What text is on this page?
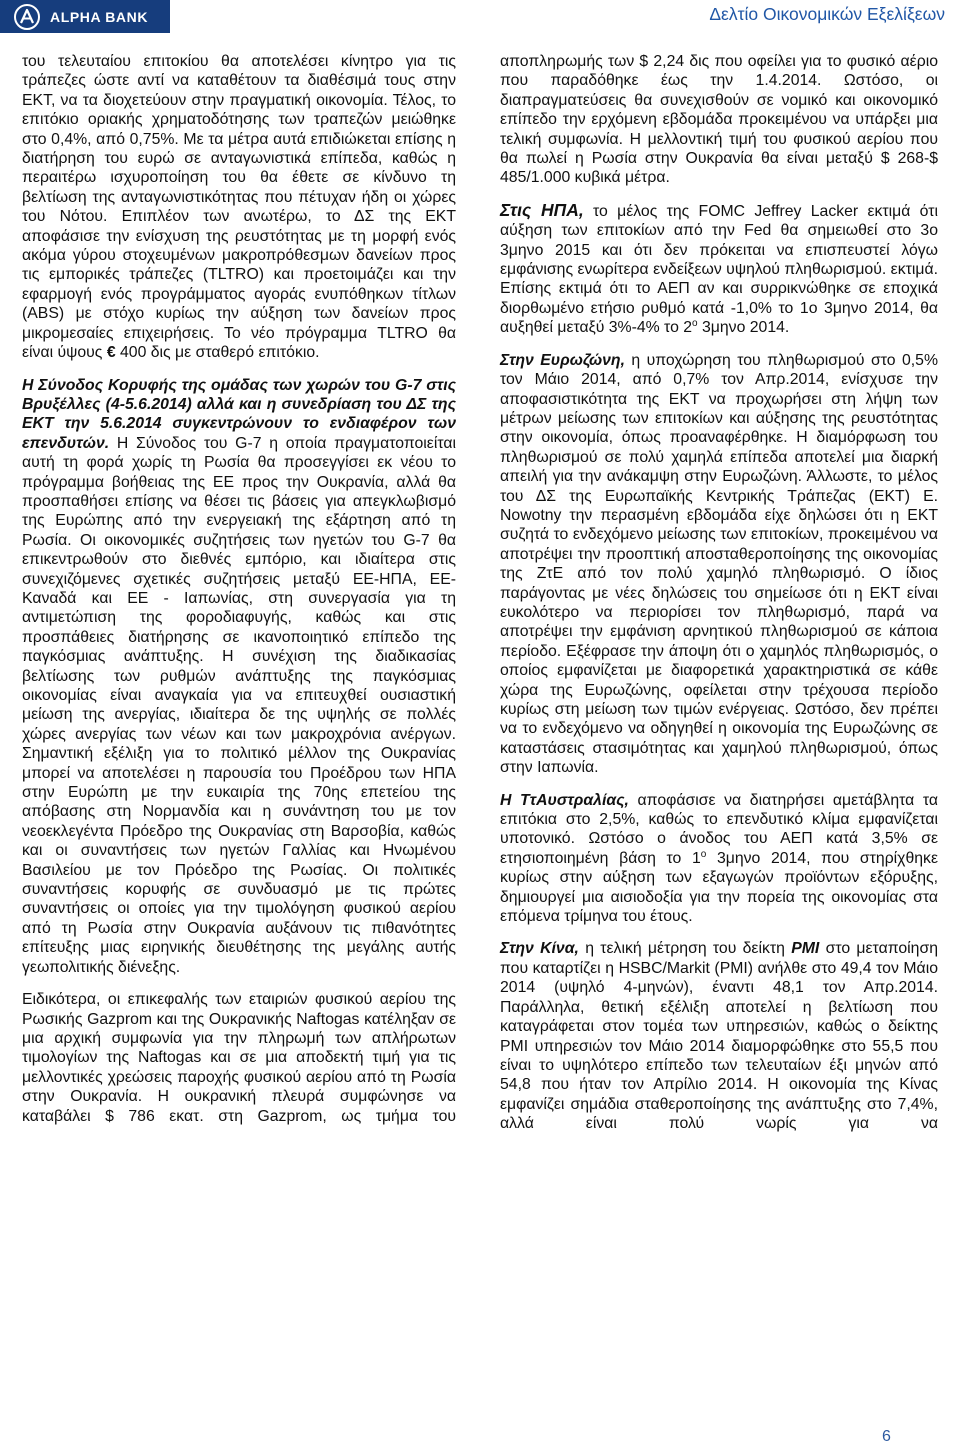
ALPHA BANK	Δελτίο Οικονομικών Εξελίξεων

του τελευταίου επιτοκίου θα αποτελέσει κίνητρο για τις τράπεζες ώστε αντί να καταθέτουν τα διαθέσιμά τους στην ΕΚΤ, να τα διοχετεύουν στην πραγματική οικονομία. Τέλος, το επιτόκιο οριακής χρηματοδότησης των τραπεζών μειώθηκε στο 0,4%, από 0,75%. Με τα μέτρα αυτά επιδιώκεται επίσης η διατήρηση του ευρώ σε ανταγωνιστικά επίπεδα, καθώς η περαιτέρω ισχυροποίηση του θα έθετε σε κίνδυνο τη βελτίωση της ανταγωνιστικότητας που πέτυχαν ήδη οι χώρες του Νότου. Επιπλέον των ανωτέρω, το ΔΣ της ΕΚΤ αποφάσισε την ενίσχυση της ρευστότητας με τη μορφή ενός ακόμα γύρου στοχευμένων μακροπρόθεσμων δανείων προς τις εμπορικές τράπεζες (TLTRO) και προετοιμάζει και την εφαρμογή ενός προγράμματος αγοράς ενυπόθηκων τίτλων (ABS) με στόχο κυρίως την αύξηση των δανείων προς μικρομεσαίες επιχειρήσεις. Το νέο πρόγραμμα TLTRO θα είναι ύψους € 400 δις με σταθερό επιτόκιο.

Η Σύνοδος Κορυφής της ομάδας των χωρών του G-7 στις Βρυξέλλες (4-5.6.2014) αλλά και η συνεδρίαση του ΔΣ της ΕΚΤ την 5.6.2014 συγκεντρώνουν το ενδιαφέρον των επενδυτών. Η Σύνοδος του G-7 η οποία πραγματοποιείται αυτή τη φορά χωρίς τη Ρωσία θα προσεγγίσει εκ νέου το πρόγραμμα βοήθειας της ΕΕ προς την Ουκρανία, αλλά θα προσπαθήσει επίσης να θέσει τις βάσεις για απεγκλωβισμό της Ευρώπης από την ενεργειακή της εξάρτηση από τη Ρωσία. Οι οικονομικές συζητήσεις των ηγετών του G-7 θα επικεντρωθούν στο διεθνές εμπόριο, και ιδιαίτερα στις συνεχιζόμενες σχετικές συζητήσεις μεταξύ ΕΕ-ΗΠΑ, ΕΕ-Καναδά και ΕΕ - Ιαπωνίας, στη συνεργασία για τη αντιμετώπιση της φοροδιαφυγής, καθώς και στις προσπάθειες διατήρησης σε ικανοποιητικό επίπεδο της παγκόσμιας ανάπτυξης. Η συνέχιση της διαδικασίας βελτίωσης των ρυθμών ανάπτυξης της παγκόσμιας οικονομίας είναι αναγκαία για να επιτευχθεί ουσιαστική μείωση της ανεργίας, ιδιαίτερα δε της υψηλής σε πολλές χώρες ανεργίας των νέων και των μακροχρόνια ανέργων. Σημαντική εξέλιξη για το πολιτικό μέλλον της Ουκρανίας μπορεί να αποτελέσει η παρουσία του Προέδρου των ΗΠΑ στην Ευρώπη με την ευκαιρία της 70ης επετείου της απόβασης στη Νορμανδία και η συνάντηση του με τον νεοεκλεγέντα Πρόεδρο της Ουκρανίας στη Βαρσοβία, καθώς και οι συναντήσεις των ηγετών Γαλλίας και Ηνωμένου Βασιλείου με τον Πρόεδρο της Ρωσίας. Οι πολιτικές συναντήσεις κορυφής σε συνδυασμό με τις πρώτες συναντήσεις οι οποίες για την τιμολόγηση φυσικού αερίου από τη Ρωσία στην Ουκρανία αυξάνουν τις πιθανότητες επίτευξης μιας ειρηνικής διευθέτησης της μεγάλης αυτής γεωπολιτικής διένεξης.

Ειδικότερα, οι επικεφαλής των εταιριών φυσικού αερίου της Ρωσικής Gazprom και της Ουκρανικής Naftogas κατέληξαν σε μια αρχική συμφωνία για την πληρωμή των απλήρωτων τιμολογίων της Naftogas και σε μια αποδεκτή τιμή για τις μελλοντικές χρεώσεις παροχής φυσικού αερίου από τη Ρωσία στην Ουκρανία. Η ουκρανική πλευρά συμφώνησε να καταβάλει $ 786 εκατ. στη Gazprom, ως τμήμα του

αποπληρωμής των $ 2,24 δις που οφείλει για το φυσικό αέριο που παραδόθηκε έως την 1.4.2014. Ωστόσο, οι διαπραγματεύσεις θα συνεχισθούν σε νομικό και οικονομικό επίπεδο την ερχόμενη εβδομάδα προκειμένου να υπάρξει μια τελική συμφωνία. Η μελλοντική τιμή του φυσικού αερίου που θα πωλεί η Ρωσία στην Ουκρανία θα είναι μεταξύ $ 268-$ 485/1.000 κυβικά μέτρα.

Στις ΗΠΑ, το μέλος της FOMC Jeffrey Lacker εκτιμά ότι αύξηση των επιτοκίων από την Fed θα σημειωθεί στο 3ο 3μηνο 2015 και ότι δεν πρόκειται να επισπευστεί λόγω εμφάνισης ενωρίτερα ενδείξεων υψηλού πληθωρισμού. εκτιμά. Επίσης εκτιμά ότι το ΑΕΠ αν και συρρικνώθηκε σε εποχικά διορθωμένο ετήσιο ρυθμό κατά -1,0% το 1ο 3μηνο 2014, θα αυξηθεί μεταξύ 3%-4% το $2^o$ 3μηνο 2014.

Στην Ευρωζώνη, η υποχώρηση του πληθωρισμού στο 0,5% τον Μάιο 2014, από 0,7% τον Απρ.2014, ενίσχυσε την αποφασιστικότητα της ΕΚΤ να προχωρήσει στη λήψη των μέτρων μείωσης των επιτοκίων και αύξησης της ρευστότητας στην οικονομία, όπως προαναφέρθηκε. Η διαμόρφωση του πληθωρισμού σε πολύ χαμηλά επίπεδα αποτελεί μια διαρκή απειλή για την ανάκαμψη στην Ευρωζώνη. Άλλωστε, το μέλος του ΔΣ της Ευρωπαϊκής Κεντρικής Τράπεζας (ΕΚΤ) Ε. Nowotny την περασμένη εβδομάδα είχε δηλώσει ότι η ΕΚΤ συζητά το ενδεχόμενο μείωσης των επιτοκίων, προκειμένου να αποτρέψει την προοπτική αποσταθεροποίησης της οικονομίας της ΖτΕ από τον πολύ χαμηλό πληθωρισμό. Ο ίδιος παράγοντας με νέες δηλώσεις του σημείωσε ότι η ΕΚΤ είναι ευκολότερο να περιορίσει τον πληθωρισμό, παρά να αποτρέψει την εμφάνιση αρνητικού πληθωρισμού σε κάποια περίοδο. Εξέφρασε την άποψη ότι ο χαμηλός πληθωρισμός, ο οποίος εμφανίζεται με διαφορετικά χαρακτηριστικά σε κάθε χώρα της Ευρωζώνης, οφείλεται στην τρέχουσα περίοδο κυρίως στη μείωση των τιμών ενέργειας. Ωστόσο, δεν πρέπει να το ενδεχόμενο να οδηγηθεί η οικονομία της Ευρωζώνης σε καταστάσεις στασιμότητας και χαμηλού πληθωρισμού, όπως στην Ιαπωνία.

Η ΤτΑυστραλίας, αποφάσισε να διατηρήσει αμετάβλητα τα επιτόκια στο 2,5%, καθώς το επενδυτικό κλίμα εμφανίζεται υποτονικό. Ωστόσο ο άνοδος του ΑΕΠ κατά 3,5% σε ετησιοποιημένη βάση το $1^o$ 3μηνο 2014, που στηρίχθηκε κυρίως στην αύξηση των εξαγωγών προϊόντων εξόρυξης, δημιουργεί μια αισιοδοξία για την πορεία της οικονομίας στα επόμενα τρίμηνα του έτους.

Στην Κίνα, η τελική μέτρηση του δείκτη PMI στο μεταποίηση που καταρτίζει η HSBC/Markit (PMI) ανήλθε στο 49,4 τον Μάιο 2014 (υψηλό 4-μηνών), έναντι 48,1 τον Απρ.2014. Παράλληλα, θετική εξέλιξη αποτελεί η βελτίωση που καταγράφεται στον τομέα των υπηρεσιών, καθώς ο δείκτης PMI υπηρεσιών τον Μάιο 2014 διαμορφώθηκε στο 55,5 που είναι το υψηλότερο επίπεδο των τελευταίων έξι μηνών από 54,8 που ήταν τον Απρίλιο 2014. Η οικονομία της Κίνας εμφανίζει σημάδια σταθεροποίησης της ανάπτυξης στο 7,4%, αλλά είναι πολύ νωρίς για να

6
